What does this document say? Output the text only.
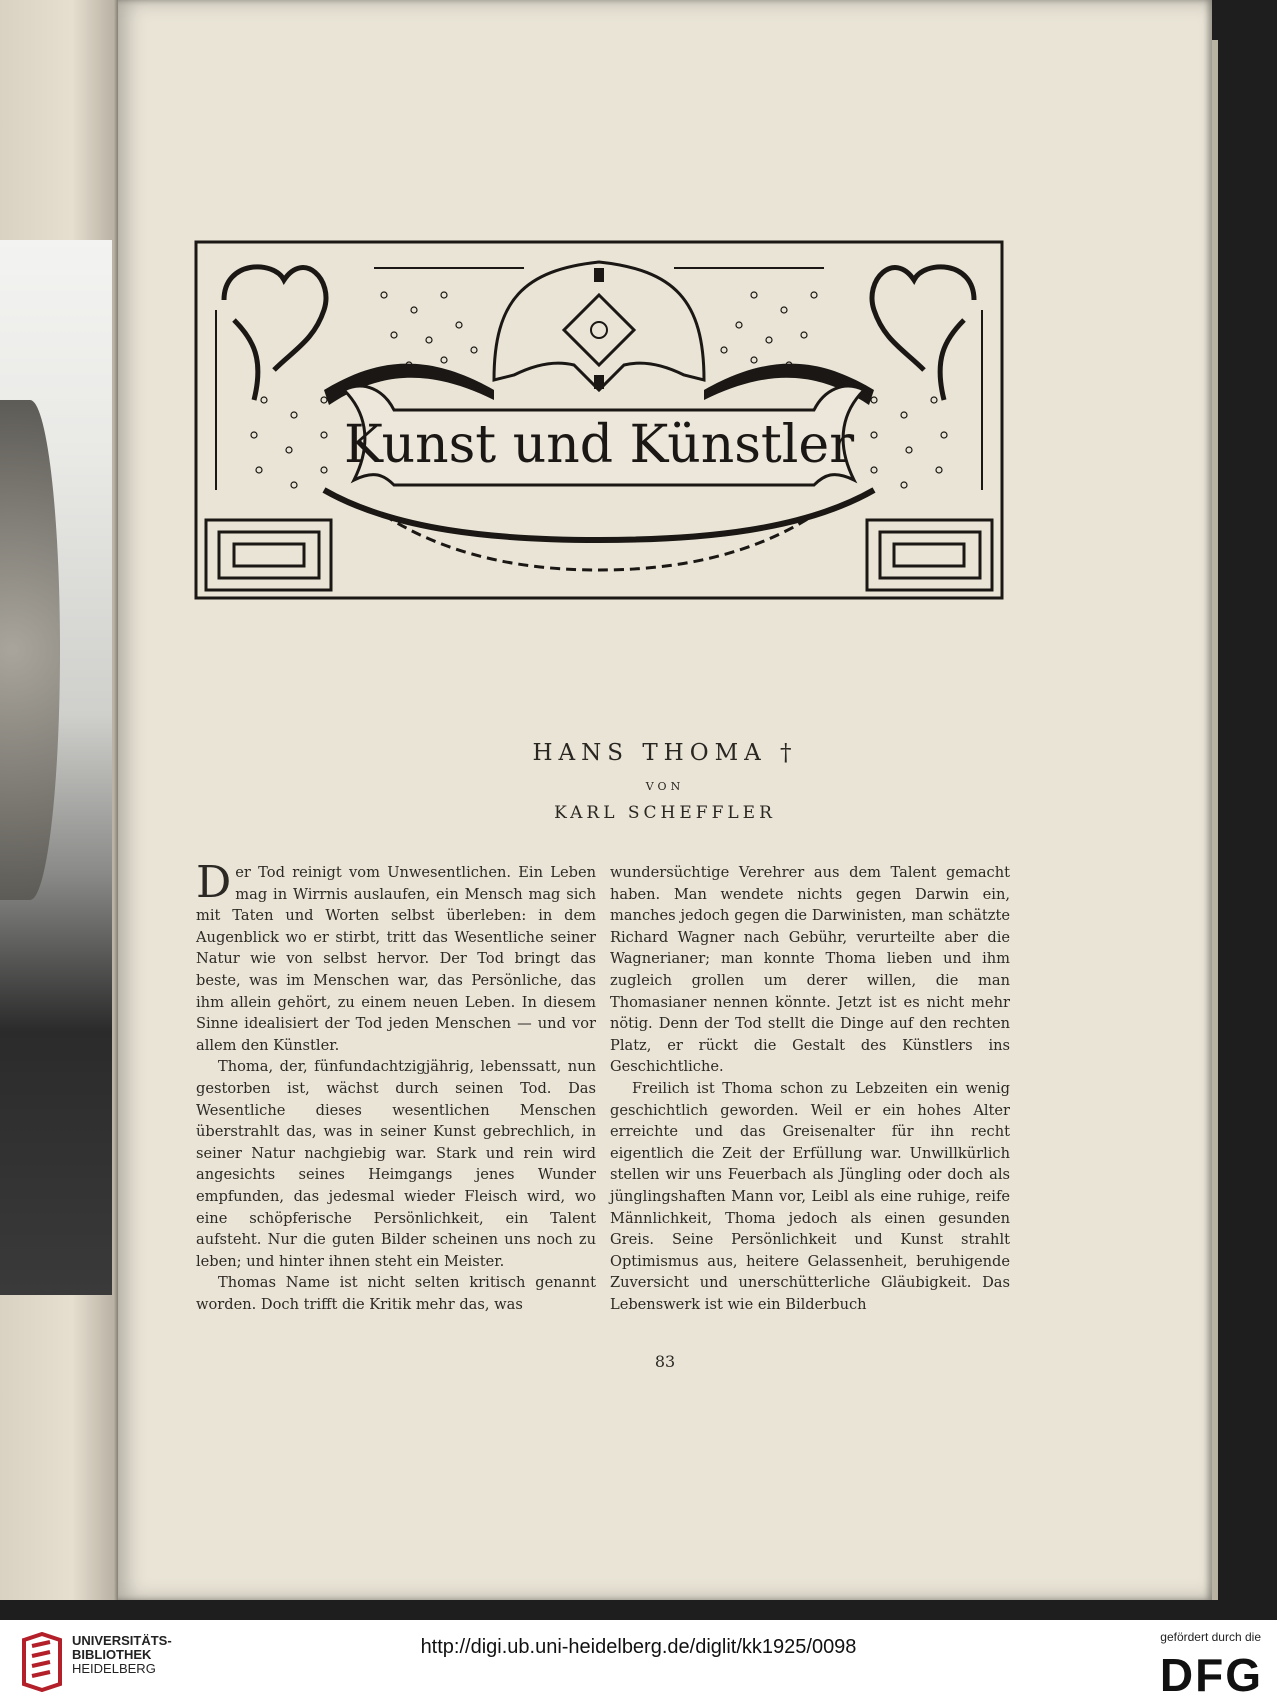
Kunst und Künstler
HANS THOMA †
VON
KARL SCHEFFLER

Der Tod reinigt vom Unwesentlichen. Ein Leben mag in Wirrnis auslaufen, ein Mensch mag sich mit Taten und Worten selbst überleben: in dem Augenblick wo er stirbt, tritt das Wesentliche seiner Natur wie von selbst hervor. Der Tod bringt das beste, was im Menschen war, das Persönliche, das ihm allein gehört, zu einem neuen Leben. In diesem Sinne idealisiert der Tod jeden Menschen — und vor allem den Künstler.

Thoma, der, fünfundachtzigjährig, lebenssatt, nun gestorben ist, wächst durch seinen Tod. Das Wesentliche dieses wesentlichen Menschen überstrahlt das, was in seiner Kunst gebrechlich, in seiner Natur nachgiebig war. Stark und rein wird angesichts seines Heimgangs jenes Wunder empfunden, das jedesmal wieder Fleisch wird, wo eine schöpferische Persönlichkeit, ein Talent aufsteht. Nur die guten Bilder scheinen uns noch zu leben; und hinter ihnen steht ein Meister.

Thomas Name ist nicht selten kritisch genannt worden. Doch trifft die Kritik mehr das, was

wundersüchtige Verehrer aus dem Talent gemacht haben. Man wendete nichts gegen Darwin ein, manches jedoch gegen die Darwinisten, man schätzte Richard Wagner nach Gebühr, verurteilte aber die Wagnerianer; man konnte Thoma lieben und ihm zugleich grollen um derer willen, die man Thomasianer nennen könnte. Jetzt ist es nicht mehr nötig. Denn der Tod stellt die Dinge auf den rechten Platz, er rückt die Gestalt des Künstlers ins Geschichtliche.

Freilich ist Thoma schon zu Lebzeiten ein wenig geschichtlich geworden. Weil er ein hohes Alter erreichte und das Greisenalter für ihn recht eigentlich die Zeit der Erfüllung war. Unwillkürlich stellen wir uns Feuerbach als Jüngling oder doch als jünglingshaften Mann vor, Leibl als eine ruhige, reife Männlichkeit, Thoma jedoch als einen gesunden Greis. Seine Persönlichkeit und Kunst strahlt Optimismus aus, heitere Gelassenheit, beruhigende Zuversicht und unerschütterliche Gläubigkeit. Das Lebenswerk ist wie ein Bilderbuch

83
UNIVERSITÄTS-
BIBLIOTHEK
HEIDELBERG
http://digi.ub.uni-heidelberg.de/diglit/kk1925/0098	gefördert durch die
DFG
